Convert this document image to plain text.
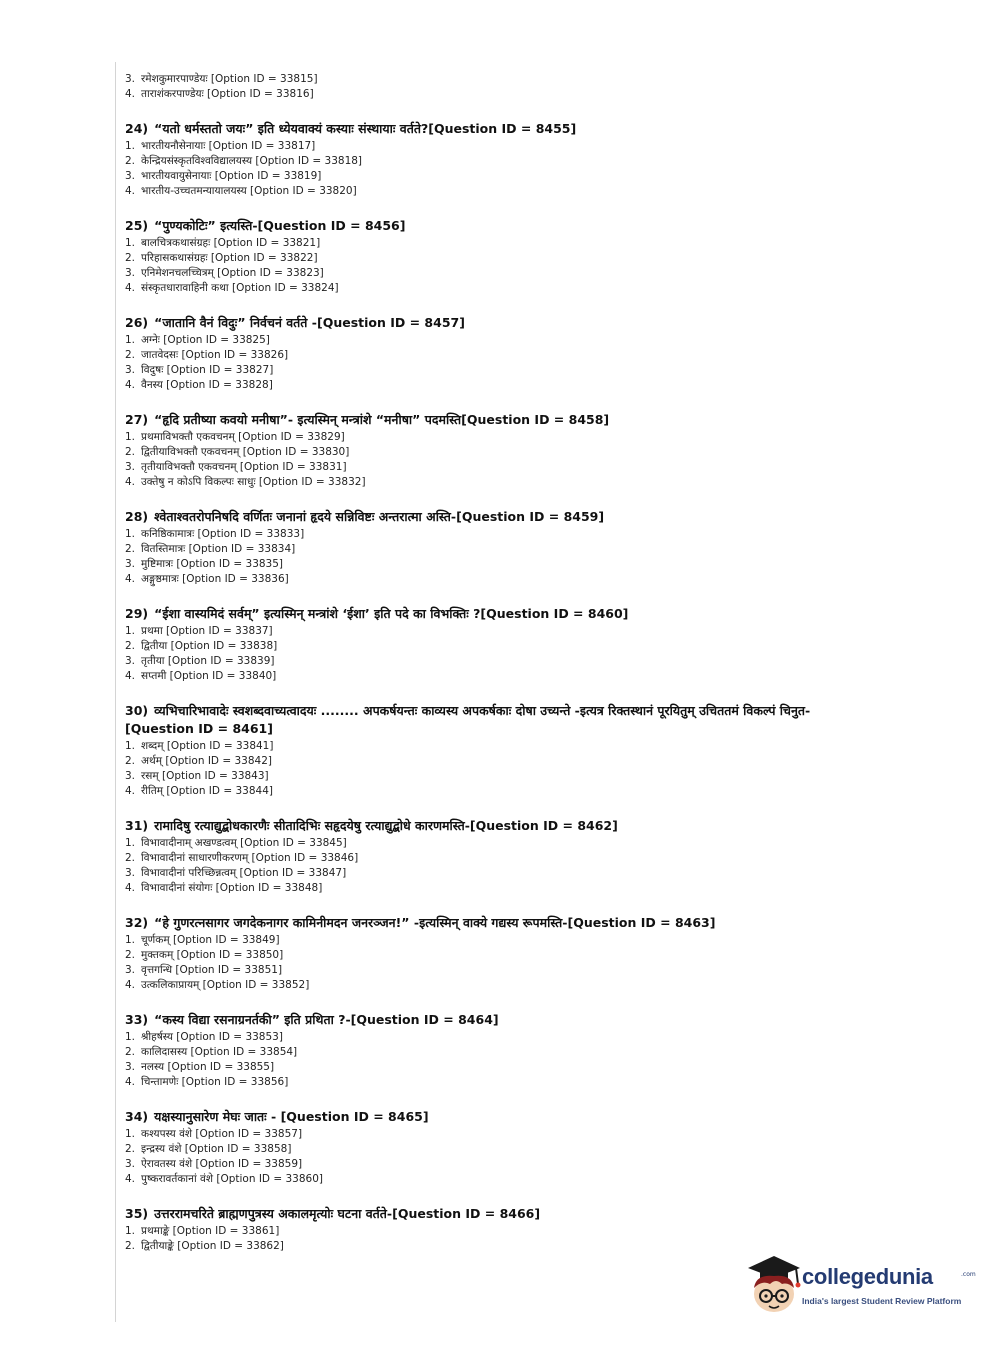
3. रमेशकुमारपाण्डेयः [Option ID = 33815]
4. ताराशंकरपाण्डेयः [Option ID = 33816]
24) “यतो धर्मस्ततो जयः” इति ध्येयवाक्यं कस्याः संस्थायाः वर्तते?[Question ID = 8455]
1. भारतीयनौसेनायाः [Option ID = 33817]
2. केन्द्रियसंस्कृतविश्वविद्यालयस्य [Option ID = 33818]
3. भारतीयवायुसेनायाः [Option ID = 33819]
4. भारतीय-उच्चतमन्यायालयस्य [Option ID = 33820]
25) “पुण्यकोटिः” इत्यस्ति-[Question ID = 8456]
1. बालचित्रकथासंग्रहः [Option ID = 33821]
2. परिहासकथासंग्रहः [Option ID = 33822]
3. एनिमेशनचलच्चित्रम् [Option ID = 33823]
4. संस्कृतधारावाहिनी कथा [Option ID = 33824]
26) “जातानि वैनं विदुः” निर्वचनं वर्तते -[Question ID = 8457]
1. अग्नेः [Option ID = 33825]
2. जातवेदसः [Option ID = 33826]
3. विदुषः [Option ID = 33827]
4. वैनस्य [Option ID = 33828]
27) “हृदि प्रतीष्या कवयो मनीषा”- इत्यस्मिन् मन्त्रांशे “मनीषा” पदमस्ति[Question ID = 8458]
1. प्रथमाविभक्तौ एकवचनम् [Option ID = 33829]
2. द्वितीयाविभक्तौ एकवचनम् [Option ID = 33830]
3. तृतीयाविभक्तौ एकवचनम् [Option ID = 33831]
4. उक्तेषु न कोऽपि विकल्पः साधुः [Option ID = 33832]
28) श्वेताश्वतरोपनिषदि वर्णितः जनानां हृदये सन्निविष्टः अन्तरात्मा अस्ति-[Question ID = 8459]
1. कनिष्ठिकामात्रः [Option ID = 33833]
2. वितस्तिमात्रः [Option ID = 33834]
3. मुष्टिमात्रः [Option ID = 33835]
4. अङ्गुष्ठमात्रः [Option ID = 33836]
29) “ईशा वास्यमिदं सर्वम्” इत्यस्मिन् मन्त्रांशे ‘ईशा’ इति पदे का विभक्तिः ?[Question ID = 8460]
1. प्रथमा [Option ID = 33837]
2. द्वितीया [Option ID = 33838]
3. तृतीया [Option ID = 33839]
4. सप्तमी [Option ID = 33840]
30) व्यभिचारिभावादेः स्वशब्दवाच्यत्वादयः ........ अपकर्षयन्तः काव्यस्य अपकर्षकाः दोषा उच्यन्ते -इत्यत्र रिक्तस्थानं पूरयितुम् उचिततमं विकल्पं चिनुत-[Question ID = 8461]
1. शब्दम् [Option ID = 33841]
2. अर्थम् [Option ID = 33842]
3. रसम् [Option ID = 33843]
4. रीतिम् [Option ID = 33844]
31) रामादिषु रत्याद्युद्बोधकारणैः सीतादिभिः सहृदयेषु रत्याद्युद्बोधे कारणमस्ति-[Question ID = 8462]
1. विभावादीनाम् अखण्डत्वम् [Option ID = 33845]
2. विभावादीनां साधारणीकरणम् [Option ID = 33846]
3. विभावादीनां परिच्छिन्नत्वम् [Option ID = 33847]
4. विभावादीनां संयोगः [Option ID = 33848]
32) “हे गुणरत्नसागर जगदेकनागर कामिनीमदन जनरञ्जन!” -इत्यस्मिन् वाक्ये गद्यस्य रूपमस्ति-[Question ID = 8463]
1. चूर्णकम् [Option ID = 33849]
2. मुक्तकम् [Option ID = 33850]
3. वृत्तगन्धि [Option ID = 33851]
4. उत्कलिकाप्रायम् [Option ID = 33852]
33) “कस्य विद्या रसनाग्रनर्तकी” इति प्रथिता ?-[Question ID = 8464]
1. श्रीहर्षस्य [Option ID = 33853]
2. कालिदासस्य [Option ID = 33854]
3. नलस्य [Option ID = 33855]
4. चिन्तामणेः [Option ID = 33856]
34) यक्षस्यानुसारेण मेघः जातः - [Question ID = 8465]
1. कश्यपस्य वंशे [Option ID = 33857]
2. इन्द्रस्य वंशे [Option ID = 33858]
3. ऐरावतस्य वंशे [Option ID = 33859]
4. पुष्करावर्तकानां वंशे [Option ID = 33860]
35) उत्तररामचरिते ब्राह्मणपुत्रस्य अकालमृत्योः घटना वर्तते-[Question ID = 8466]
1. प्रथमाङ्के [Option ID = 33861]
2. द्वितीयाङ्के [Option ID = 33862]
collegedunia	.com
India's largest Student Review Platform
